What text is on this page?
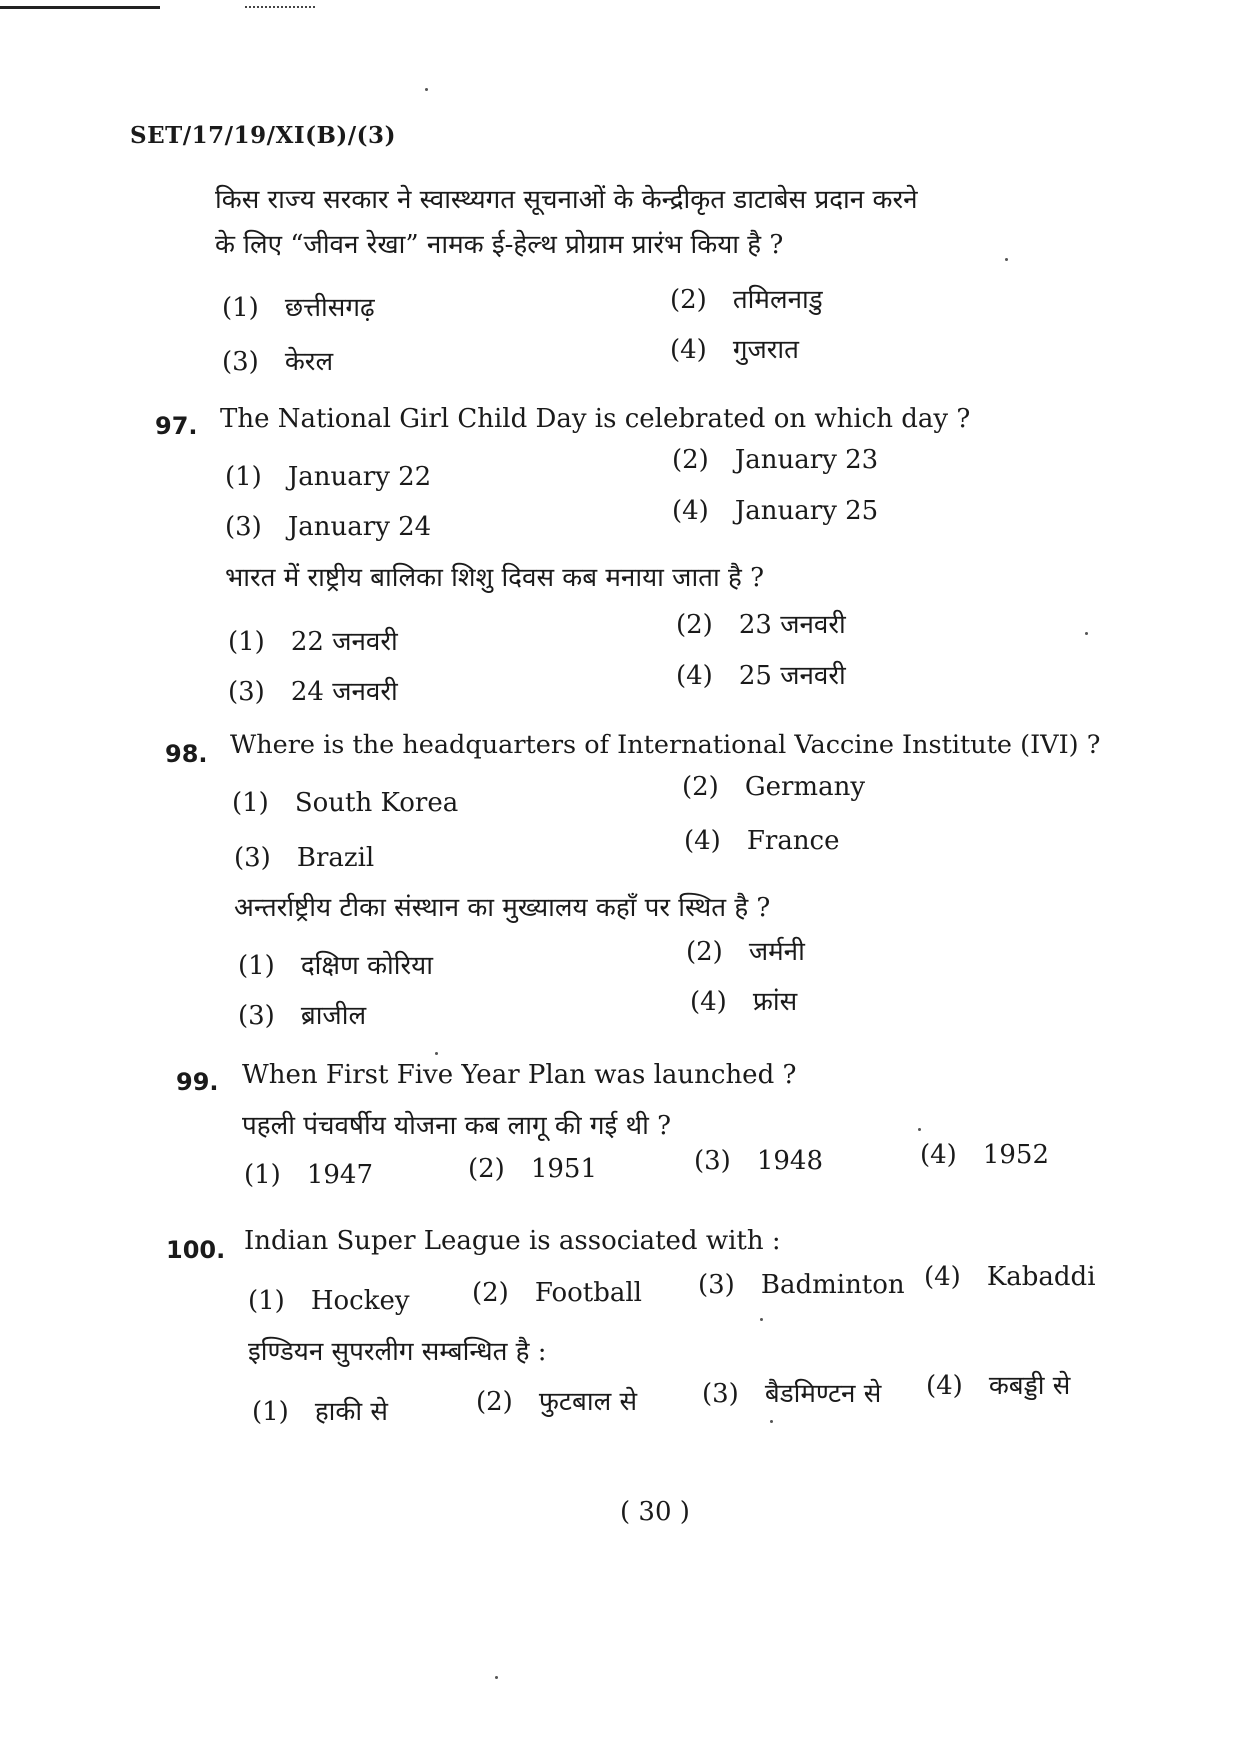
SET/17/19/XI(B)/(3)
किस राज्य सरकार ने स्वास्थ्यगत सूचनाओं के केन्द्रीकृत डाटाबेस प्रदान करने
के लिए “जीवन रेखा” नामक ई-हेल्थ प्रोग्राम प्रारंभ किया है ?
(1) छत्तीसगढ़	(2) तमिलनाडु
(3) केरल	(4) गुजरात
97. The National Girl Child Day is celebrated on which day ?
(1) January 22
(2) January 23
(3) January 24
(4) January 25
भारत में राष्ट्रीय बालिका शिशु दिवस कब मनाया जाता है ?
(1) 22 जनवरी
(2) 23 जनवरी
(3) 24 जनवरी
(4) 25 जनवरी
98. Where is the headquarters of International Vaccine Institute (IVI) ?
(1) South Korea
(2) Germany
(3) Brazil
(4) France
अन्तर्राष्ट्रीय टीका संस्थान का मुख्यालय कहाँ पर स्थित है ?
(1) दक्षिण कोरिया	(2) जर्मनी
(3) ब्राजील	(4) फ्रांस
99. When First Five Year Plan was launched ?
पहली पंचवर्षीय योजना कब लागू की गई थी ?
(1) 1947	(2) 1951	(3) 1948	(4) 1952
100. Indian Super League is associated with :
(1) Hockey (2) Football (3) Badminton (4) Kabaddi
इण्डियन सुपरलीग सम्बन्धित है :
(1) हाकी से	(2) फुटबाल से (3) बैडमिण्टन से (4) कबड्डी से
( 30 )
